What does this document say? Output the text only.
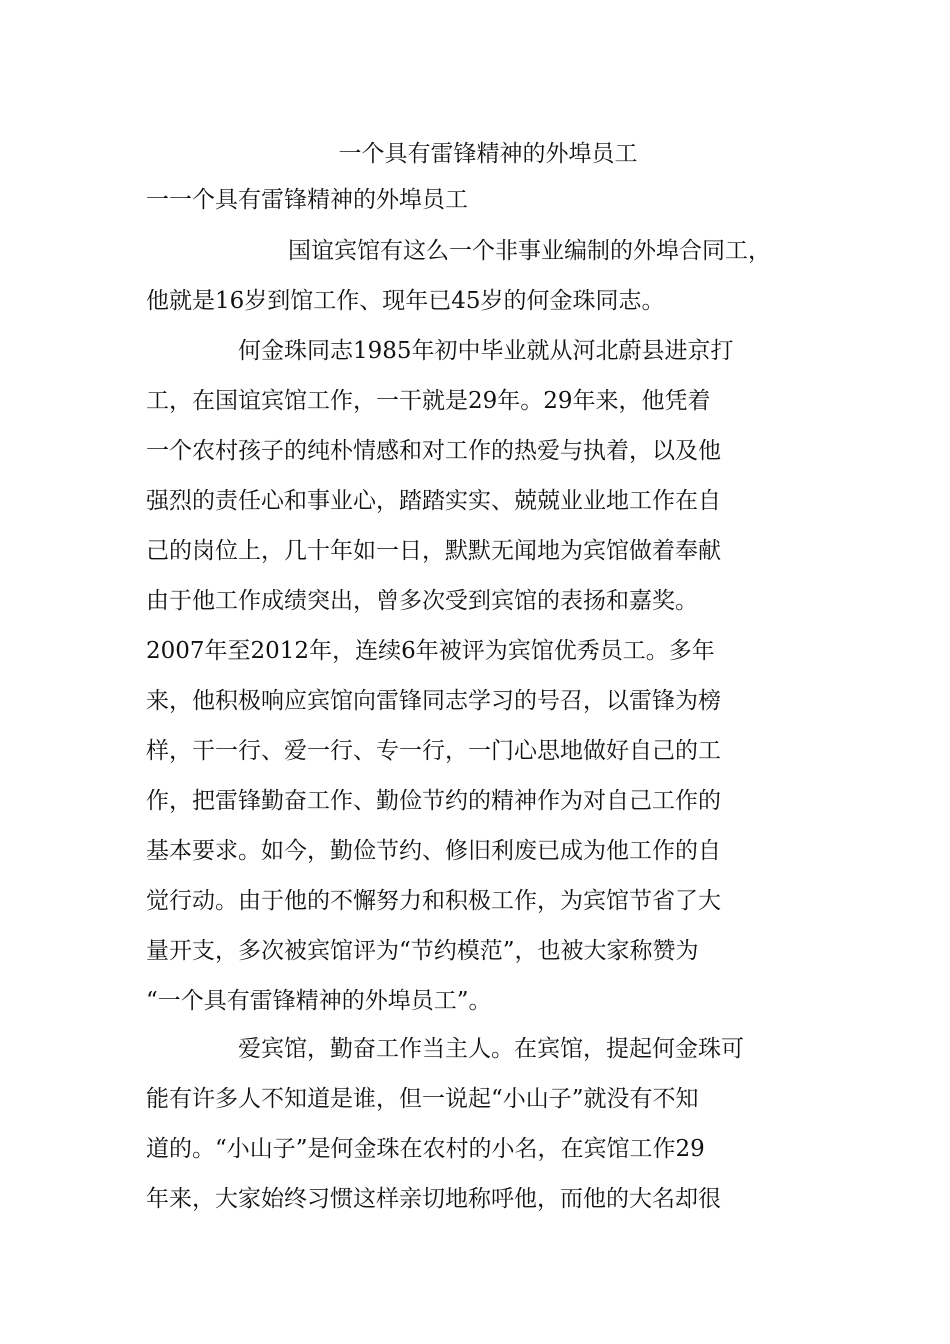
一个具有雷锋精神的外埠员工
一一个具有雷锋精神的外埠员工
国谊宾馆有这么一个非事业编制的外埠合同工，
他就是16岁到馆工作、现年已45岁的何金珠同志。
何金珠同志1985年初中毕业就从河北蔚县进京打
工，在国谊宾馆工作，一干就是29年。29年来，他凭着
一个农村孩子的纯朴情感和对工作的热爱与执着，以及他
强烈的责任心和事业心，踏踏实实、兢兢业业地工作在自
己的岗位上，几十年如一日，默默无闻地为宾馆做着奉献
由于他工作成绩突出，曾多次受到宾馆的表扬和嘉奖。
2007年至2012年，连续6年被评为宾馆优秀员工。多年
来，他积极响应宾馆向雷锋同志学习的号召，以雷锋为榜
样，干一行、爱一行、专一行，一门心思地做好自己的工
作，把雷锋勤奋工作、勤俭节约的精神作为对自己工作的
基本要求。如今，勤俭节约、修旧利废已成为他工作的自
觉行动。由于他的不懈努力和积极工作，为宾馆节省了大
量开支，多次被宾馆评为“节约模范”，也被大家称赞为
“一个具有雷锋精神的外埠员工”。
爱宾馆，勤奋工作当主人。在宾馆，提起何金珠可
能有许多人不知道是谁，但一说起“小山子”就没有不知
道的。“小山子”是何金珠在农村的小名，在宾馆工作29
年来，大家始终习惯这样亲切地称呼他，而他的大名却很
